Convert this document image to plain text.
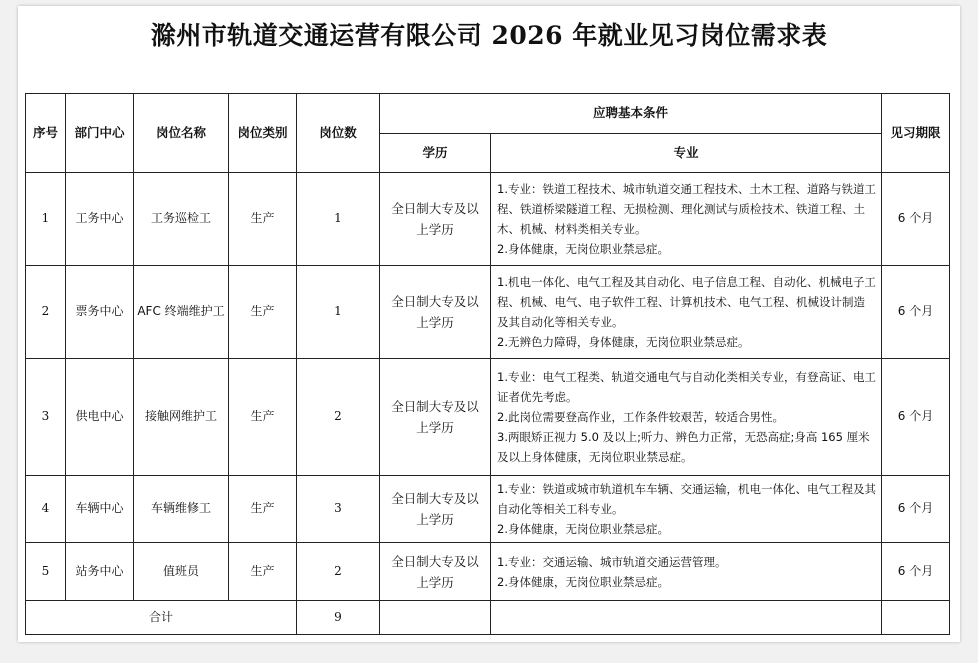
滁州市轨道交通运营有限公司 2026 年就业见习岗位需求表
序号	部门中心	岗位名称	岗位类别	岗位数	应聘基本条件		见习期限
					学历	专业	
1	工务中心	工务巡检工	生产	1	全日制大专及以上学历	1.专业：铁道工程技术、城市轨道交通工程技术、土木工程、道路与铁道工程、铁道桥梁隧道工程、无损检测、理化测试与质检技术、铁道工程、土木、机械、材料类相关专业。
2.身体健康，无岗位职业禁忌症。	6 个月
2	票务中心	AFC 终端维护工	生产	1	全日制大专及以上学历	1.机电一体化、电气工程及其自动化、电子信息工程、自动化、机械电子工程、机械、电气、电子软件工程、计算机技术、电气工程、机械设计制造及其自动化等相关专业。
2.无辨色力障碍，身体健康，无岗位职业禁忌症。	6 个月
3	供电中心	接触网维护工	生产	2	全日制大专及以上学历	1.专业：电气工程类、轨道交通电气与自动化类相关专业，有登高证、电工证者优先考虑。
2.此岗位需要登高作业，工作条件较艰苦，较适合男性。
3.两眼矫正视力 5.0 及以上;听力、辨色力正常，无恐高症;身高 165 厘米及以上身体健康，无岗位职业禁忌症。	6 个月
4	车辆中心	车辆维修工	生产	3	全日制大专及以上学历	1.专业：铁道或城市轨道机车车辆、交通运输，机电一体化、电气工程及其自动化等相关工科专业。
2.身体健康，无岗位职业禁忌症。	6 个月
5	站务中心	值班员	生产	2	全日制大专及以上学历	1.专业：交通运输、城市轨道交通运营管理。
2.身体健康，无岗位职业禁忌症。	6 个月
合计				9			
